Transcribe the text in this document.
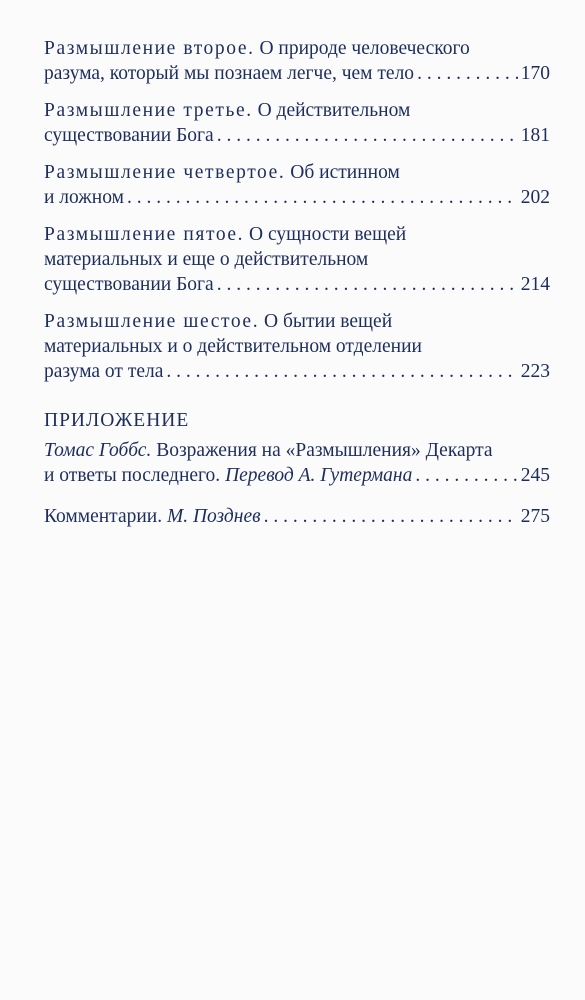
Размышление второе. О природе человеческого
разума, который мы познаем легче, чем тело . . .	170
Размышление третье. О действительном
существовании Бога . . .	181
Размышление четвертое. Об истинном
и ложном . . .	202
Размышление пятое. О сущности вещей
материальных и еще о действительном
существовании Бога . . .	214
Размышление шестое. О бытии вещей
материальных и о действительном отделении
разума от тела . . .	223
ПРИЛОЖЕНИЕ
Томас Гоббс. Возражения на «Размышления» Декарта
и ответы последнего. Перевод А. Гутермана . . .	245
Комментарии. М. Позднев . . .	275
